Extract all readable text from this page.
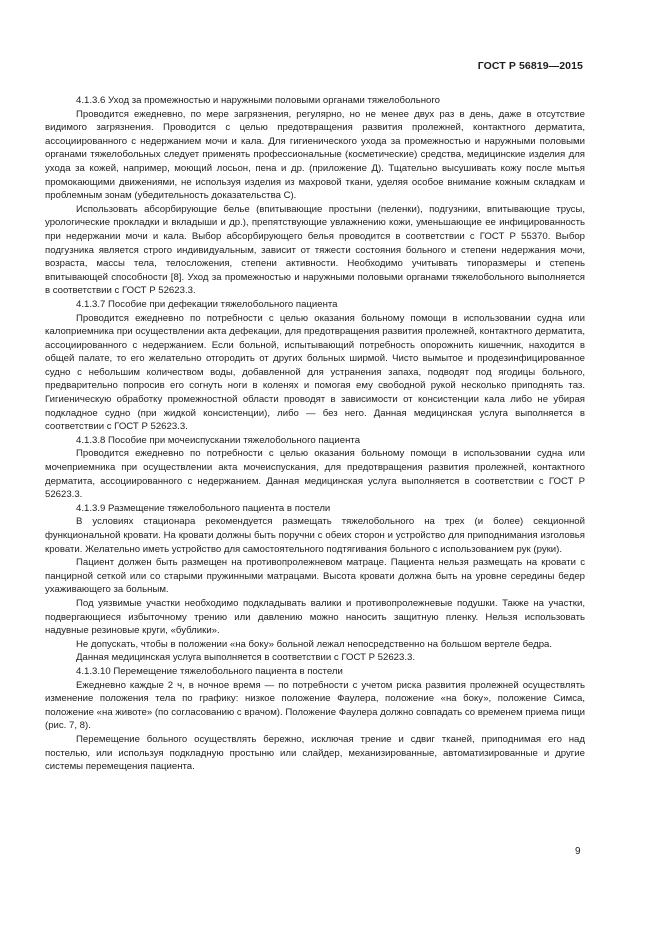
ГОСТ Р 56819—2015

4.1.3.6 Уход за промежностью и наружными половыми органами тяжелобольного

Проводится ежедневно, по мере загрязнения, регулярно, но не менее двух раз в день, даже в отсутствие видимого загрязнения. Проводится с целью предотвращения развития пролежней, контактного дерматита, ассоциированного с недержанием мочи и кала. Для гигиенического ухода за промежностью и наружными половыми органами тяжелобольных следует применять профессиональные (косметические) средства, медицинские изделия для ухода за кожей, например, моющий лосьон, пена и др. (приложение Д). Тщательно высушивать кожу после мытья промокающими движениями, не используя изделия из махровой ткани, уделяя особое внимание кожным складкам и проблемным зонам (убедительность доказательства С).

Использовать абсорбирующие белье (впитывающие простыни (пеленки), подгузники, впитывающие трусы, урологические прокладки и вкладыши и др.), препятствующие увлажнению кожи, уменьшающие ее инфицированность при недержании мочи и кала. Выбор абсорбирующего белья проводится в соответствии с ГОСТ Р 55370. Выбор подгузника является строго индивидуальным, зависит от тяжести состояния больного и степени недержания мочи, возраста, массы тела, телосложения, степени активности. Необходимо учитывать типоразмеры и степень впитывающей способности [8]. Уход за промежностью и наружными половыми органами тяжелобольного выполняется в соответствии с ГОСТ Р 52623.3.

4.1.3.7 Пособие при дефекации тяжелобольного пациента

Проводится ежедневно по потребности с целью оказания больному помощи в использовании судна или калоприемника при осуществлении акта дефекации, для предотвращения развития пролежней, контактного дерматита, ассоциированного с недержанием. Если больной, испытывающий потребность опорожнить кишечник, находится в общей палате, то его желательно отгородить от других больных ширмой. Чисто вымытое и продезинфицированное судно с небольшим количеством воды, добавленной для устранения запаха, подводят под ягодицы больного, предварительно попросив его согнуть ноги в коленях и помогая ему свободной рукой несколько приподнять таз. Гигиеническую обработку промежностной области проводят в зависимости от консистенции кала либо не убирая подкладное судно (при жидкой консистенции), либо — без него. Данная медицинская услуга выполняется в соответствии с ГОСТ Р 52623.3.

4.1.3.8 Пособие при мочеиспускании тяжелобольного пациента

Проводится ежедневно по потребности с целью оказания больному помощи в использовании судна или мочеприемника при осуществлении акта мочеиспускания, для предотвращения развития пролежней, контактного дерматита, ассоциированного с недержанием. Данная медицинская услуга выполняется в соответствии с ГОСТ Р 52623.3.

4.1.3.9 Размещение тяжелобольного пациента в постели

В условиях стационара рекомендуется размещать тяжелобольного на трех (и более) секционной функциональной кровати. На кровати должны быть поручни с обеих сторон и устройство для приподнимания изголовья кровати. Желательно иметь устройство для самостоятельного подтягивания больного с использованием рук (руки).

Пациент должен быть размещен на противопролежневом матраце. Пациента нельзя размещать на кровати с панцирной сеткой или со старыми пружинными матрацами. Высота кровати должна быть на уровне середины бедер ухаживающего за больным.

Под уязвимые участки необходимо подкладывать валики и противопролежневые подушки. Также на участки, подвергающиеся избыточному трению или давлению можно наносить защитную пленку. Нельзя использовать надувные резиновые круги, «бублики».

Не допускать, чтобы в положении «на боку» больной лежал непосредственно на большом вертеле бедра.

Данная медицинская услуга выполняется в соответствии с ГОСТ Р 52623.3.

4.1.3.10 Перемещение тяжелобольного пациента в постели

Ежедневно каждые 2 ч, в ночное время — по потребности с учетом риска развития пролежней осуществлять изменение положения тела по графику: низкое положение Фаулера, положение «на боку», положение Симса, положение «на животе» (по согласованию с врачом). Положение Фаулера должно совпадать со временем приема пищи (рис. 7, 8).

Перемещение больного осуществлять бережно, исключая трение и сдвиг тканей, приподнимая его над постелью, или используя подкладную простыню или слайдер, механизированные, автоматизированные и другие системы перемещения пациента.

9
